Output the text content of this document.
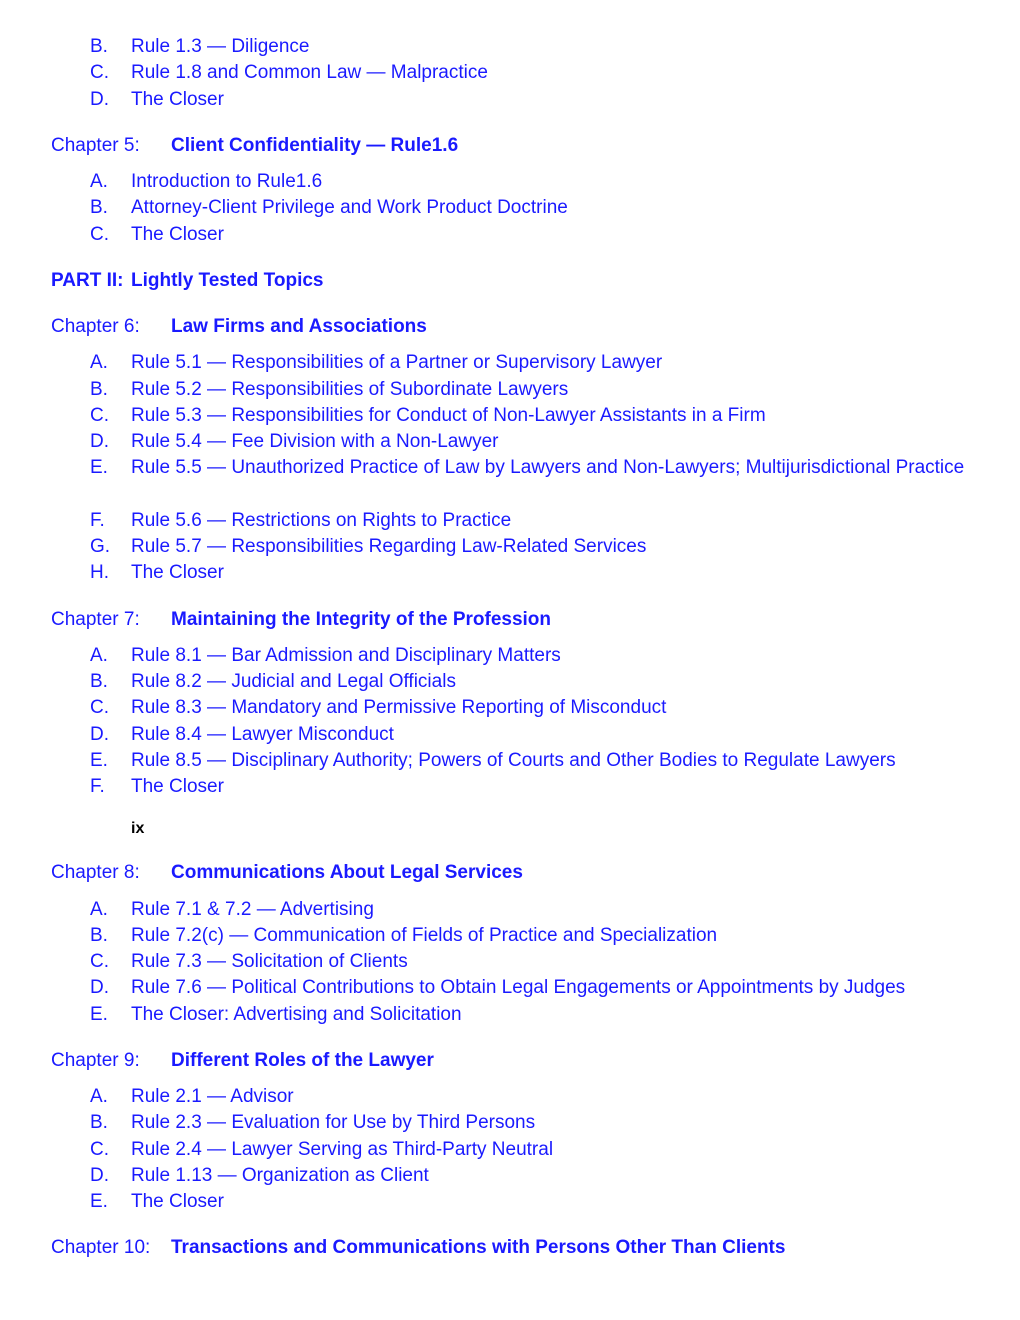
B.	Rule 1.3 — Diligence
C.	Rule 1.8 and Common Law — Malpractice
D.	The Closer
Chapter 5: Client Confidentiality — Rule1.6
A.	Introduction to Rule1.6
B.	Attorney-Client Privilege and Work Product Doctrine
C.	The Closer
PART II: Lightly Tested Topics
Chapter 6: Law Firms and Associations
A.	Rule 5.1 — Responsibilities of a Partner or Supervisory Lawyer
B.	Rule 5.2 — Responsibilities of Subordinate Lawyers
C.	Rule 5.3 — Responsibilities for Conduct of Non-Lawyer Assistants in a Firm
D.	Rule 5.4 — Fee Division with a Non-Lawyer
E.	Rule 5.5 — Unauthorized Practice of Law by Lawyers and Non-Lawyers; Multijurisdictional Practice
F.	Rule 5.6 — Restrictions on Rights to Practice
G.	Rule 5.7 — Responsibilities Regarding Law-Related Services
H.	The Closer
Chapter 7: Maintaining the Integrity of the Profession
A.	Rule 8.1 — Bar Admission and Disciplinary Matters
B.	Rule 8.2 — Judicial and Legal Officials
C.	Rule 8.3 — Mandatory and Permissive Reporting of Misconduct
D.	Rule 8.4 — Lawyer Misconduct
E.	Rule 8.5 — Disciplinary Authority; Powers of Courts and Other Bodies to Regulate Lawyers
F.	The Closer
ix
Chapter 8: Communications About Legal Services
A.	Rule 7.1 & 7.2 — Advertising
B.	Rule 7.2(c) — Communication of Fields of Practice and Specialization
C.	Rule 7.3 — Solicitation of Clients
D.	Rule 7.6 — Political Contributions to Obtain Legal Engagements or Appointments by Judges
E.	The Closer: Advertising and Solicitation
Chapter 9: Different Roles of the Lawyer
A.	Rule 2.1 — Advisor
B.	Rule 2.3 — Evaluation for Use by Third Persons
C.	Rule 2.4 — Lawyer Serving as Third-Party Neutral
D.	Rule 1.13 — Organization as Client
E.	The Closer
Chapter 10: Transactions and Communications with Persons Other Than Clients
